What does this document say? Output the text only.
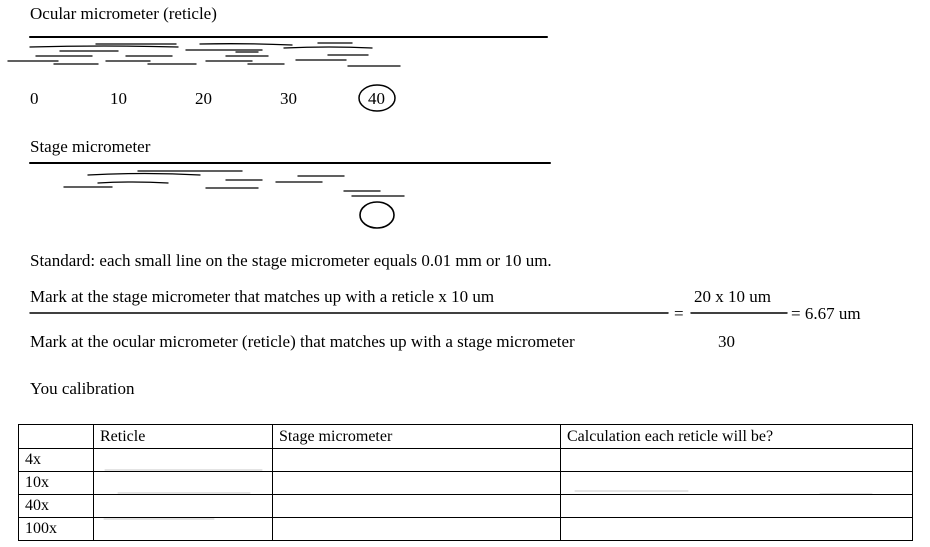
Ocular micrometer (reticle)
0	10	20	30	40
Stage micrometer
Standard: each small line on the stage micrometer equals 0.01 mm or 10 um.
Mark at the stage micrometer that matches up with a reticle x 10 um
Mark at the ocular micrometer (reticle) that matches up with a stage micrometer
=
20 x 10 um
30
= 6.67 um
You calibration
	Reticle	Stage micrometer	Calculation each reticle will be?
4x			
10x			
40x			
100x			
